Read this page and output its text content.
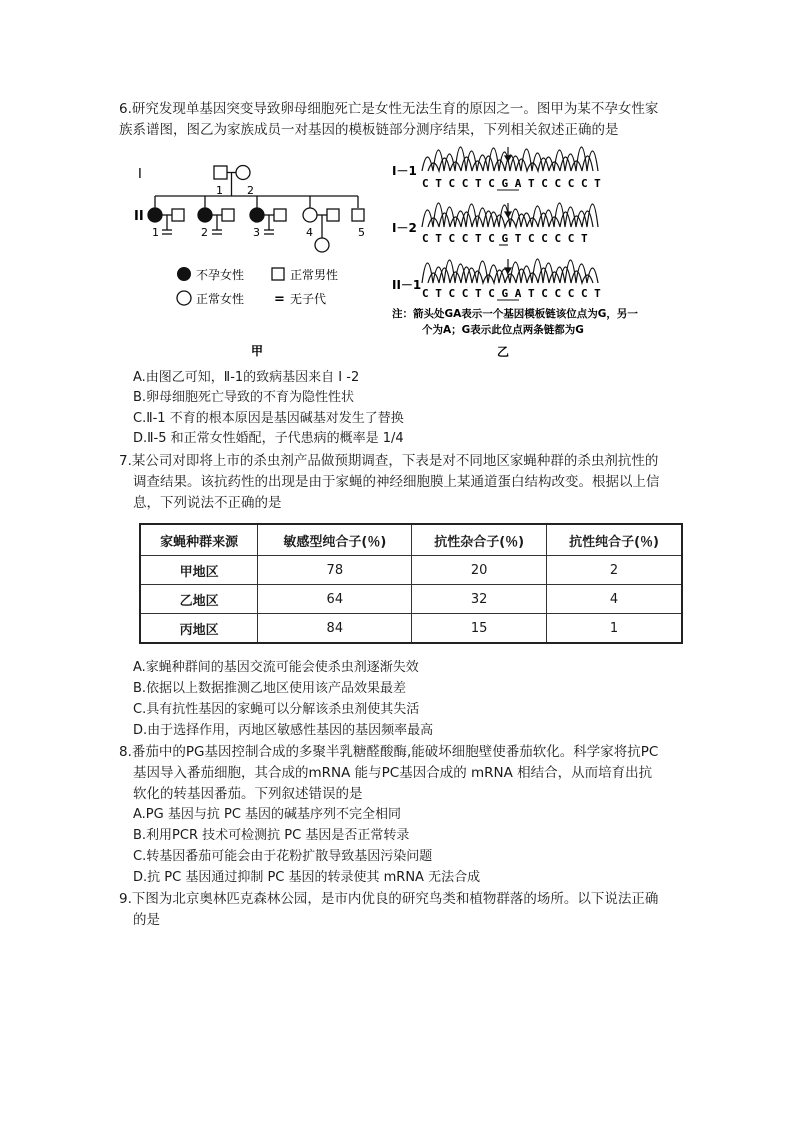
6.研究发现单基因突变导致卵母细胞死亡是女性无法生育的原因之一。图甲为某不孕女性家
族系谱图，图乙为家族成员一对基因的模板链部分测序结果，下列相关叙述正确的是
I
II
1 2
1	2	3	4	5
不孕女性	正常男性
正常女性 = 无子代
甲
I－1
I－2
II－1
C T C C T C G A T C C C C T
C T C C T C G T C C C C T
C T C C T C G A T C C C C T
注：箭头处GA表示一个基因模板链该位点为G，另一
个为A；G表示此位点两条链都为G
乙
A.由图乙可知，Ⅱ-1的致病基因来自 I -2
B.卵母细胞死亡导致的不育为隐性性状
C.Ⅱ-1 不育的根本原因是基因碱基对发生了替换
D.Ⅱ-5 和正常女性婚配，子代患病的概率是 1/4
7.某公司对即将上市的杀虫剂产品做预期调查，下表是对不同地区家蝇种群的杀虫剂抗性的
调查结果。该抗药性的出现是由于家蝇的神经细胞膜上某通道蛋白结构改变。根据以上信
息，下列说法不正确的是
家蝇种群来源	敏感型纯合子(％)	抗性杂合子(％)	抗性纯合子(％)
甲地区	78	20	2
乙地区	64	32	4
丙地区	84	15	1
A.家蝇种群间的基因交流可能会使杀虫剂逐渐失效
B.依据以上数据推测乙地区使用该产品效果最差
C.具有抗性基因的家蝇可以分解该杀虫剂使其失活
D.由于选择作用，丙地区敏感性基因的基因频率最高
8.番茄中的PG基因控制合成的多聚半乳糖醛酸酶,能破坏细胞壁使番茄软化。科学家将抗PC
基因导入番茄细胞，其合成的mRNA 能与PC基因合成的 mRNA 相结合，从而培育出抗
软化的转基因番茄。下列叙述错误的是
A.PG 基因与抗 PC 基因的碱基序列不完全相同
B.利用PCR 技术可检测抗 PC 基因是否正常转录
C.转基因番茄可能会由于花粉扩散导致基因污染问题
D.抗 PC 基因通过抑制 PC 基因的转录使其 mRNA 无法合成
9.下图为北京奥林匹克森林公园，是市内优良的研究鸟类和植物群落的场所。以下说法正确
的是
